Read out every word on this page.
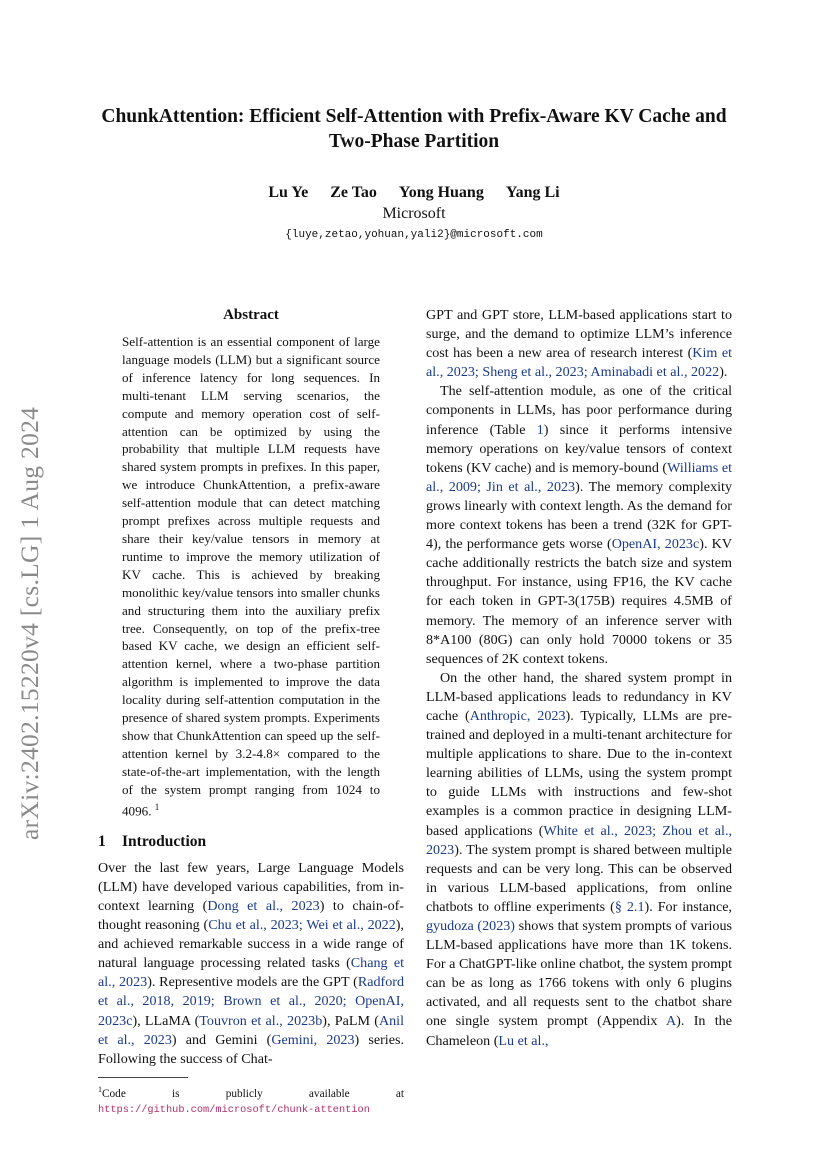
arXiv:2402.15220v4 [cs.LG] 1 Aug 2024
ChunkAttention: Efficient Self-Attention with Prefix-Aware KV Cache and
Two-Phase Partition
Lu Ye Ze Tao Yong Huang Yang Li
Microsoft
{luye,zetao,yohuan,yali2}@microsoft.com
Abstract
Self-attention is an essential component of large language models (LLM) but a significant source of inference latency for long sequences. In multi-tenant LLM serving scenarios, the compute and memory operation cost of self-attention can be optimized by using the probability that multiple LLM requests have shared system prompts in prefixes. In this paper, we introduce ChunkAttention, a prefix-aware self-attention module that can detect matching prompt prefixes across multiple requests and share their key/value tensors in memory at runtime to improve the memory utilization of KV cache. This is achieved by breaking monolithic key/value tensors into smaller chunks and structuring them into the auxiliary prefix tree. Consequently, on top of the prefix-tree based KV cache, we design an efficient self-attention kernel, where a two-phase partition algorithm is implemented to improve the data locality during self-attention computation in the presence of shared system prompts. Experiments show that ChunkAttention can speed up the self-attention kernel by 3.2-4.8× compared to the state-of-the-art implementation, with the length of the system prompt ranging from 1024 to 4096. $^1$
1 Introduction

Over the last few years, Large Language Models (LLM) have developed various capabilities, from in-context learning (Dong et al., 2023) to chain-of-thought reasoning (Chu et al., 2023; Wei et al., 2022), and achieved remarkable success in a wide range of natural language processing related tasks (Chang et al., 2023). Representive models are the GPT (Radford et al., 2018, 2019; Brown et al., 2020; OpenAI, 2023c), LLaMA (Touvron et al., 2023b), PaLM (Anil et al., 2023) and Gemini (Gemini, 2023) series. Following the success of Chat-

$^1$Code is publicly available at https://github.com/microsoft/chunk-attention

GPT and GPT store, LLM-based applications start to surge, and the demand to optimize LLM’s inference cost has been a new area of research interest (Kim et al., 2023; Sheng et al., 2023; Aminabadi et al., 2022).

The self-attention module, as one of the critical components in LLMs, has poor performance during inference (Table 1) since it performs intensive memory operations on key/value tensors of context tokens (KV cache) and is memory-bound (Williams et al., 2009; Jin et al., 2023). The memory complexity grows linearly with context length. As the demand for more context tokens has been a trend (32K for GPT-4), the performance gets worse (OpenAI, 2023c). KV cache additionally restricts the batch size and system throughput. For instance, using FP16, the KV cache for each token in GPT-3(175B) requires 4.5MB of memory. The memory of an inference server with 8*A100 (80G) can only hold 70000 tokens or 35 sequences of 2K context tokens.

On the other hand, the shared system prompt in LLM-based applications leads to redundancy in KV cache (Anthropic, 2023). Typically, LLMs are pre-trained and deployed in a multi-tenant architecture for multiple applications to share. Due to the in-context learning abilities of LLMs, using the system prompt to guide LLMs with instructions and few-shot examples is a common practice in designing LLM-based applications (White et al., 2023; Zhou et al., 2023). The system prompt is shared between multiple requests and can be very long. This can be observed in various LLM-based applications, from online chatbots to offline experiments (§ 2.1). For instance, gyudoza (2023) shows that system prompts of various LLM-based applications have more than 1K tokens. For a ChatGPT-like online chatbot, the system prompt can be as long as 1766 tokens with only 6 plugins activated, and all requests sent to the chatbot share one single system prompt (Appendix A). In the Chameleon (Lu et al.,
